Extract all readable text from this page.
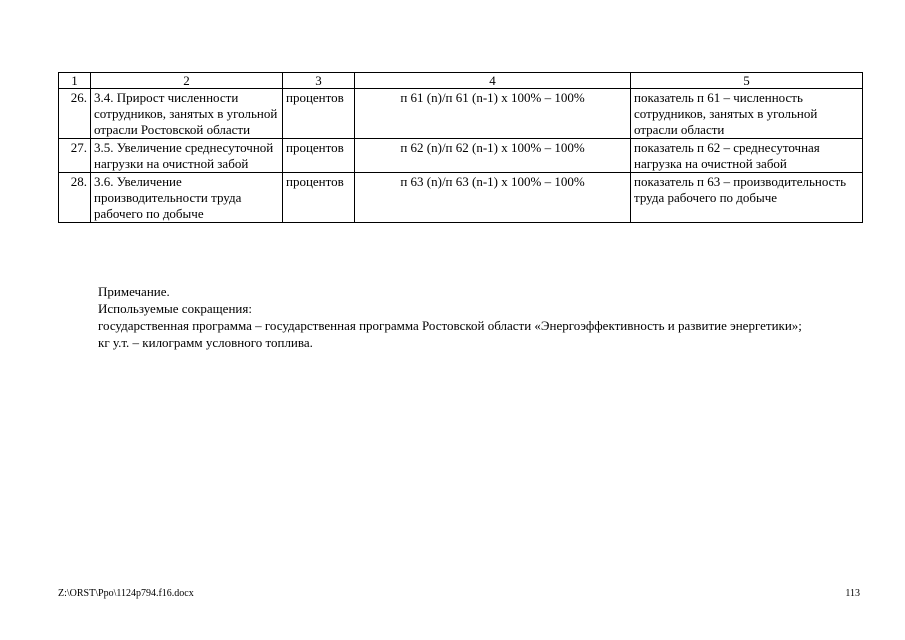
1	2	3	4	5
26.	3.4. Прирост численности сотрудников, занятых в угольной отрасли Ростовской области	процентов	п 61 (n)/п 61 (n-1) x 100% – 100%	показатель п 61 – численность сотрудников, занятых в угольной отрасли области
27.	3.5. Увеличение среднесуточной нагрузки на очистной забой	процентов	п 62 (n)/п 62 (n-1) x 100% – 100%	показатель п 62 – среднесуточная нагрузка на очистной забой
28.	3.6. Увеличение производительности труда рабочего по добыче	процентов	п 63 (n)/п 63 (n-1) x 100% – 100%	показатель п 63 – производительность труда рабочего по добыче

Примечание.

Используемые сокращения:

государственная программа – государственная программа Ростовской области «Энергоэффективность и развитие энергетики»;

кг у.т. – килограмм условного топлива.

Z:\ORST\Ppo\1124p794.f16.docx	113
